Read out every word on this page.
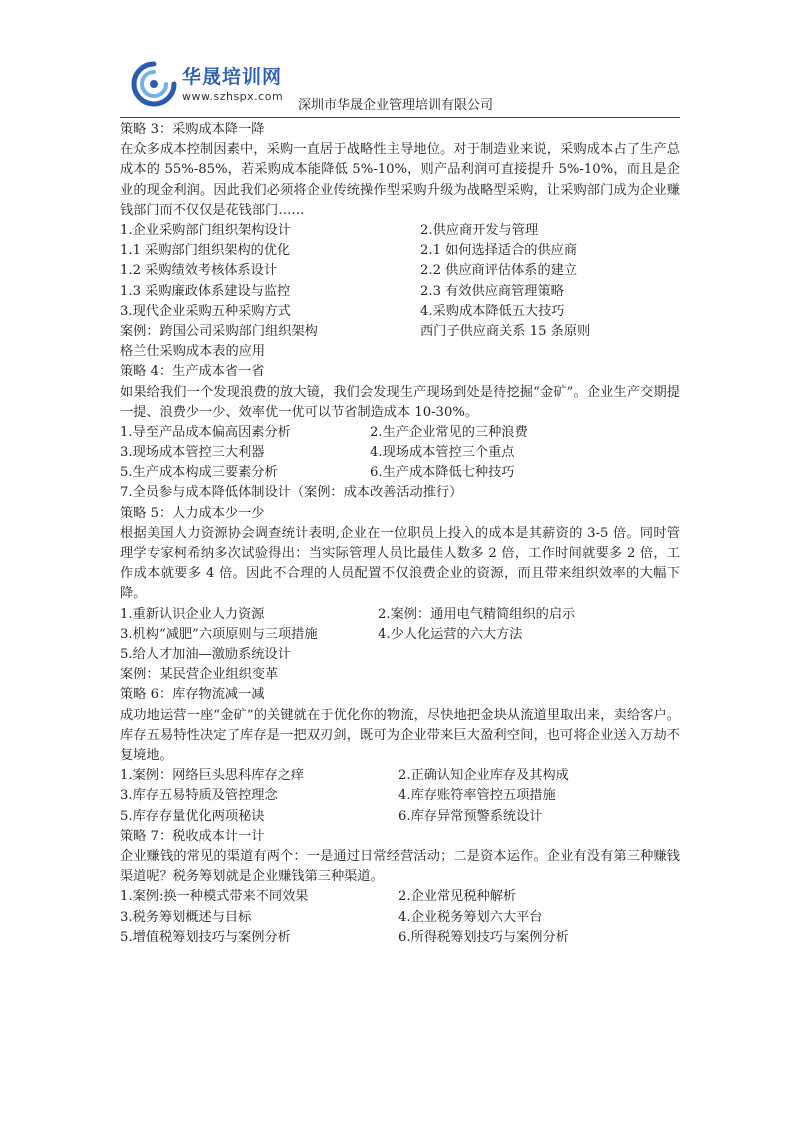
华晟培训网
www.szhspx.com
深圳市华晟企业管理培训有限公司
策略 3：采购成本降一降
在众多成本控制因素中，采购一直居于战略性主导地位。对于制造业来说，采购成本占了生产总成本的 55%-85%，若采购成本能降低 5%-10%，则产品利润可直接提升 5%-10%，而且是企业的现金利润。因此我们必须将企业传统操作型采购升级为战略型采购，让采购部门成为企业赚钱部门而不仅仅是花钱部门……
1.企业采购部门组织架构设计	2.供应商开发与管理
1.1 采购部门组织架构的优化	2.1 如何选择适合的供应商
1.2 采购绩效考核体系设计	2.2 供应商评估体系的建立
1.3 采购廉政体系建设与监控	2.3 有效供应商管理策略
3.现代企业采购五种采购方式	4.采购成本降低五大技巧
案例：跨国公司采购部门组织架构	西门子供应商关系 15 条原则
格兰仕采购成本表的应用
策略 4：生产成本省一省
如果给我们一个发现浪费的放大镜，我们会发现生产现场到处是待挖掘“金矿”。企业生产交期提一提、浪费少一少、效率优一优可以节省制造成本 10-30%。
1.导至产品成本偏高因素分析	2.生产企业常见的三种浪费
3.现场成本管控三大利器	4.现场成本管控三个重点
5.生产成本构成三要素分析	6.生产成本降低七种技巧
7.全员参与成本降低体制设计（案例：成本改善活动推行）
策略 5：人力成本少一少
根据美国人力资源协会调查统计表明,企业在一位职员上投入的成本是其薪资的 3-5 倍。同时管理学专家柯希纳多次试验得出：当实际管理人员比最佳人数多 2 倍，工作时间就要多 2 倍，工作成本就要多 4 倍。因此不合理的人员配置不仅浪费企业的资源，而且带来组织效率的大幅下降。
1.重新认识企业人力资源	2.案例：通用电气精简组织的启示
3.机构“减肥”六项原则与三项措施	4.少人化运营的六大方法
5.给人才加油—激励系统设计
案例：某民营企业组织变革
策略 6：库存物流减一减
成功地运营一座“金矿”的关键就在于优化你的物流，尽快地把金块从流道里取出来，卖给客户。库存五易特性决定了库存是一把双刃剑，既可为企业带来巨大盈利空间，也可将企业送入万劫不复境地。
1.案例：网络巨头思科库存之痒	2.正确认知企业库存及其构成
3.库存五易特质及管控理念	4.库存账符率管控五项措施
5.库存存量优化两项秘诀	6.库存异常预警系统设计
策略 7：税收成本计一计
企业赚钱的常见的渠道有两个：一是通过日常经营活动；二是资本运作。企业有没有第三种赚钱渠道呢？税务筹划就是企业赚钱第三种渠道。
1.案例:换一种模式带来不同效果	2.企业常见税种解析
3.税务筹划概述与目标	4.企业税务筹划六大平台
5.增值税筹划技巧与案例分析	6.所得税筹划技巧与案例分析
